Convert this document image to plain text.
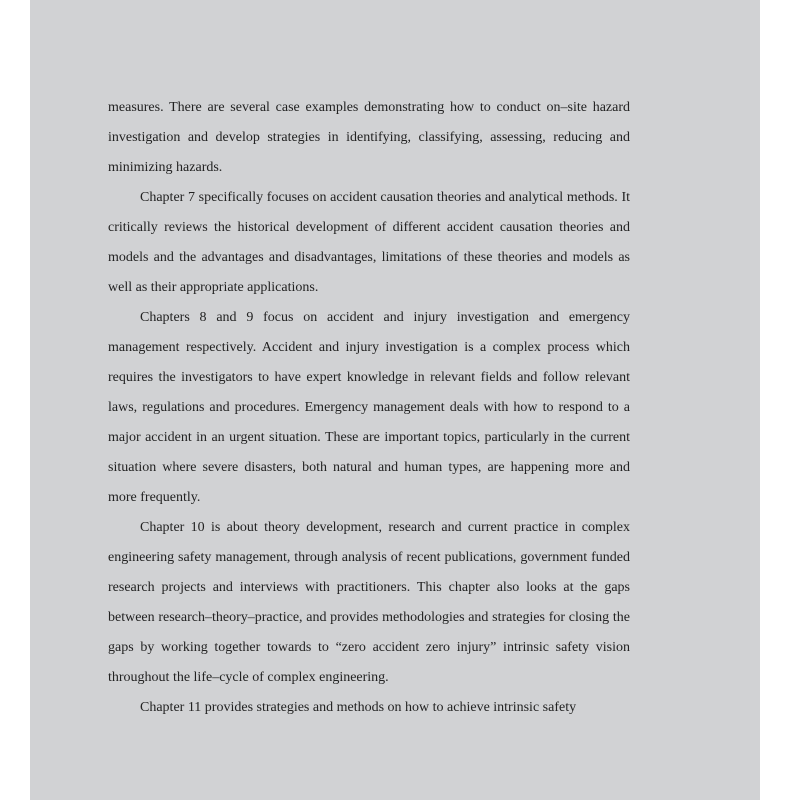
measures. There are several case examples demonstrating how to conduct on–site hazard investigation and develop strategies in identifying, classifying, assessing, reducing and minimizing hazards.

Chapter 7 specifically focuses on accident causation theories and analytical methods. It critically reviews the historical development of different accident causation theories and models and the advantages and disadvantages, limitations of these theories and models as well as their appropriate applications.

Chapters 8 and 9 focus on accident and injury investigation and emergency management respectively. Accident and injury investigation is a complex process which requires the investigators to have expert knowledge in relevant fields and follow relevant laws, regulations and procedures. Emergency management deals with how to respond to a major accident in an urgent situation. These are important topics, particularly in the current situation where severe disasters, both natural and human types, are happening more and more frequently.

Chapter 10 is about theory development, research and current practice in complex engineering safety management, through analysis of recent publications, government funded research projects and interviews with practitioners. This chapter also looks at the gaps between research–theory–practice, and provides methodologies and strategies for closing the gaps by working together towards to “zero accident zero injury” intrinsic safety vision throughout the life–cycle of complex engineering.

Chapter 11 provides strategies and methods on how to achieve intrinsic safety
